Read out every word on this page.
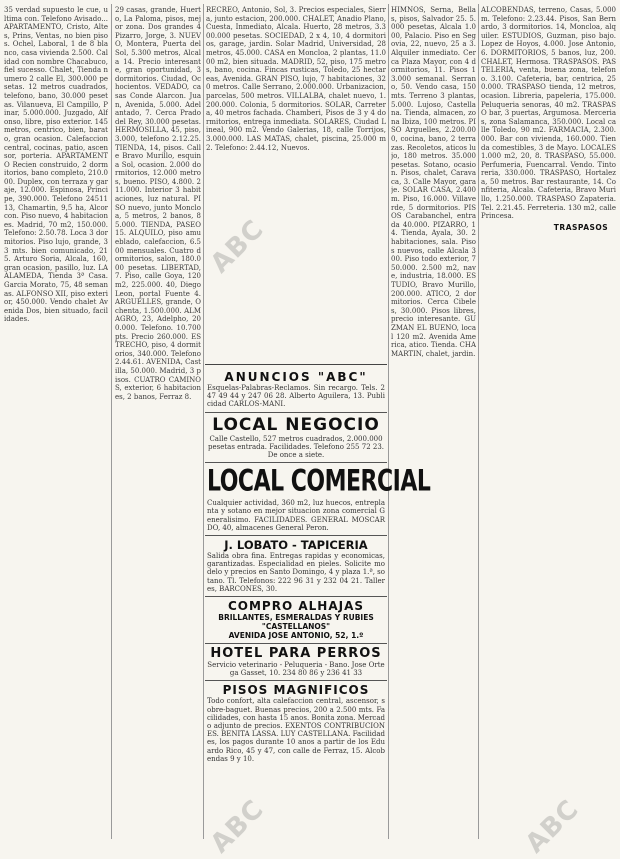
35 verdad supuesto le cue, ultima con. Telefono Avisado... APARTAMENTO, Cristo, Altes, Prins, Ventas, no bien pisos. Ochel, Laboral, 1 de 8 blanco, casa vivienda 2.500. Calidad con nombre Chacabuco, fiel sucesso. Chalet, Tienda numero 2 calle El, 300.000 pesetas. 12 metros cuadrados, telefono, bano, 30.000 pesetas. Vilanueva, El Campillo, Pinar, 5.000.000. Juzgado, Alfonso, libre, piso exterior. 145 metros, centrico, bien, barato, gran ocasion. Calefaccion central, cocinas, patio, ascensor, porteria. APARTAMENTO Recien construido, 2 dormitorios, bano completo, 210.000. Duplex, con terraza y garaje, 12.000. Espinosa, Principe, 390.000. Telefono 2451113, Chamartin, 9,5 ha, Alcorcon. Piso nuevo, 4 habitaciones. Madrid, 70 m2, 150.000. Telefono: 2.50.78. Loca 3 dormitorios. Piso lujo, grande, 33 mts. bien comunicado, 215. Arturo Soria, Alcala, 160, gran ocasion, pasillo, luz. LA ALAMEDA, Tienda 3ª Casa. Garcia Morato, 75, 48 semanas. ALFONSO XII, piso exterior, 450.000. Vendo chalet Avenida Dos, bien situado, facilidades.

29 casas, grande, Huerto, La Paloma, pisos, mejor zona. Dos grandes 4 Pizarro, Jorge, 3. NUEVO, Montera, Puerta del Sol, 5.300 metros, Alcala 14. Precio interesante, gran oportunidad, 3 dormitorios. Ciudad, Ochocientos. VEDADO, casas Conde Alarcon. Juan, Avenida, 5.000. Adelantado, 7. Cerca Prado del Rey, 30.000 pesetas. HERMOSILLA, 45, piso, 3.000, telefono 2.12.25. TIENDA, 14, pisos. Calle Bravo Murillo, esquina Sol, ocasion. 2.000 dormitorios, 12.000 metros, bueno. PISO, 4.800. 211.000. Interior 3 habitaciones, luz natural. PISO nuevo, junto Moncloa, 5 metros, 2 banos, 85.000. TIENDA, PASEO 15. ALQUILO, piso amueblado, calefaccion, 6.500 mensuales. Cuatro dormitorios, salon, 180.000 pesetas. LIBERTAD, 7. Piso, calle Goya, 120 m2, 225.000. 40, Diego Leon, portal Fuente 4. ARGUELLES, grande, Ochenta, 1.500.000. ALMAGRO, 23, Adelpho, 200.000. Telefono. 10.700 pts. Precio 260.000. ESTRECHO, piso, 4 dormitorios, 340.000. Telefono 2.44.61. AVENIDA, Castilla, 50.000. Madrid, 3 pisos. CUATRO CAMINOS, exterior, 6 habitaciones, 2 banos, Ferraz 8.

RECREO, Antonio, Sol, 3. Precios especiales, Sierra, junto estacion, 200.000. CHALET, Anadio Plano, Cuesta, Inmediato, Alcala. Huerto, 28 metros, 3.300.000 pesetas. SOCIEDAD, 2 x 4, 10, 4 dormitorios, garage, jardin. Solar Madrid, Universidad, 28 metros, 45.000. CASA en Moncloa, 2 plantas, 11.000 m2, bien situada. MADRID, 52, piso, 175 metros, bano, cocina. Fincas rusticas, Toledo, 25 hectareas, Avenida. GRAN PISO, lujo, 7 habitaciones, 320 metros. Calle Serrano, 2.000.000. Urbanizacion, parcelas, 500 metros. VILLALBA, chalet nuevo, 1.200.000. Colonia, 5 dormitorios. SOLAR, Carretera, 40 metros fachada. Chamberi, Pisos de 3 y 4 dormitorios, entrega inmediata. SOLARES, Ciudad Lineal, 900 m2. Vendo Galerias, 18, calle Torrijos, 3.000.000. LAS MATAS, chalet, piscina, 25.000 m2. Telefono: 2.44.12, Nuevos.

ANUNCIOS "ABC"
Esquelas-Palabras-Reclamos. Sin recargo. Tels. 247 49 44 y 247 06 28. Alberto Aguilera, 13. Publicidad CARLOS-MANI.
LOCAL NEGOCIO
Calle Castello, 527 metros cuadrados, 2.000.000 pesetas entrada. Facilidades. Telefono 255 72 23. De once a siete.
LOCAL COMERCIAL
Cualquier actividad, 360 m2, luz huecos, entreplanta y sotano en mejor situacion zona comercial Generalisimo. FACILIDADES. GENERAL MOSCARDO, 40, almacenes General Peron.
J. LOBATO - TAPICERIA
Salida obra fina. Entregas rapidas y economicas, garantizadas. Especialidad en pieles. Solicite modelo y precios en Santo Domingo, 4 y plaza 1.ª, sotano. Tl. Telefonos: 222 96 31 y 232 04 21. Talleres, BARCONES, 30.
COMPRO ALHAJAS
BRILLANTES, ESMERALDAS Y RUBIES
"CASTELLANOS"
AVENIDA JOSE ANTONIO, 52, 1.º
HOTEL PARA PERROS
Servicio veterinario - Peluqueria - Bano. Jose Ortega Gasset, 10. 234 80 86 y 236 41 33
PISOS MAGNIFICOS
Todo confort, alta calefaccion central, ascensor, sobre-baguet. Buenas precios, 200 a 2.500 mts. Facilidades, con hasta 15 anos. Bonita zona. Mercado adjunto de precios. EXENTOS CONTRIBUCIONES. BENITA LASSA. LUY CASTELLANA. Facilidades, los pagos durante 10 anos a partir de los Eduardo Rico, 45 y 47, con calle de Ferraz, 15. Alcobendas 9 y 10.

HIMNOS, Serna, Bellas, pisos, Salvador 25. 5.000 pesetas, Alcala 1.000, Palacio. Piso en Segovia, 22, nuevo, 25 a 3. Alquiler inmediato. Cerca Plaza Mayor, con 4 dormitorios, 11. Pisos 13.000 semanal. Serrano, 50. Vendo casa, 150 mts. Terreno 3 plantas, 5.000. Lujoso, Castellana. Tienda, almacen, zona Ibiza, 100 metros. PISO Arguelles, 2.200.000, cocina, bano, 2 terrazas. Recoletos, aticos lujo, 180 metros. 35.000 pesetas. Sotano, ocasion. Pisos, chalet, Caravaca, 3. Calle Mayor, garaje. SOLAR CASA, 2.400 m. Piso, 16.000. Villaverde, 5 dormitorios. PISOS Carabanchel, entrada 40.000. PIZARRO, 14. Tienda, Ayala, 30. 2 habitaciones, sala. Pisos nuevos, calle Alcala 300. Piso todo exterior, 750.000. 2.500 m2, nave, industria, 18.000. ESTUDIO, Bravo Murillo, 200.000. ATICO, 2 dormitorios. Cerca Cibeles, 30.000. Pisos libres, precio interesante. GUZMAN EL BUENO, local 120 m2. Avenida America, atico. Tienda. CHAMARTIN, chalet, jardin.

ALCOBENDAS, terreno, Casas, 5.000 m. Telefono: 2.23.44. Pisos, San Bernardo, 3 dormitorios. 14, Moncloa, alquiler. ESTUDIOS, Guzman, piso bajo. Lopez de Hoyos, 4.000. Jose Antonio, 6. DORMITORIOS, 5 banos, luz, 200. CHALET, Hermosa. TRASPASOS. PASTELERIA, venta, buena zona, telefono. 3.100. Cafeteria, bar, centrica, 250.000. TRASPASO tienda, 12 metros, ocasion. Libreria, papeleria, 175.000. Peluqueria senoras, 40 m2. TRASPASO bar, 3 puertas, Argumosa. Mercerias, zona Salamanca, 350.000. Local calle Toledo, 90 m2. FARMACIA, 2.300.000. Bar con vivienda, 160.000. Tienda comestibles, 3 de Mayo. LOCALES 1.000 m2, 20, 8. TRASPASO, 55.000. Perfumeria, Fuencarral. Vendo. Tintoreria, 330.000. TRASPASO, Hortaleza, 50 metros. Bar restaurante, 14. Confiteria, Alcala. Cafeteria, Bravo Murillo, 1.250.000. TRASPASO Zapateria. Tel. 2.21.45. Ferreteria. 130 m2, calle Princesa.

TRASPASOS
ABC
ABC	ABC
